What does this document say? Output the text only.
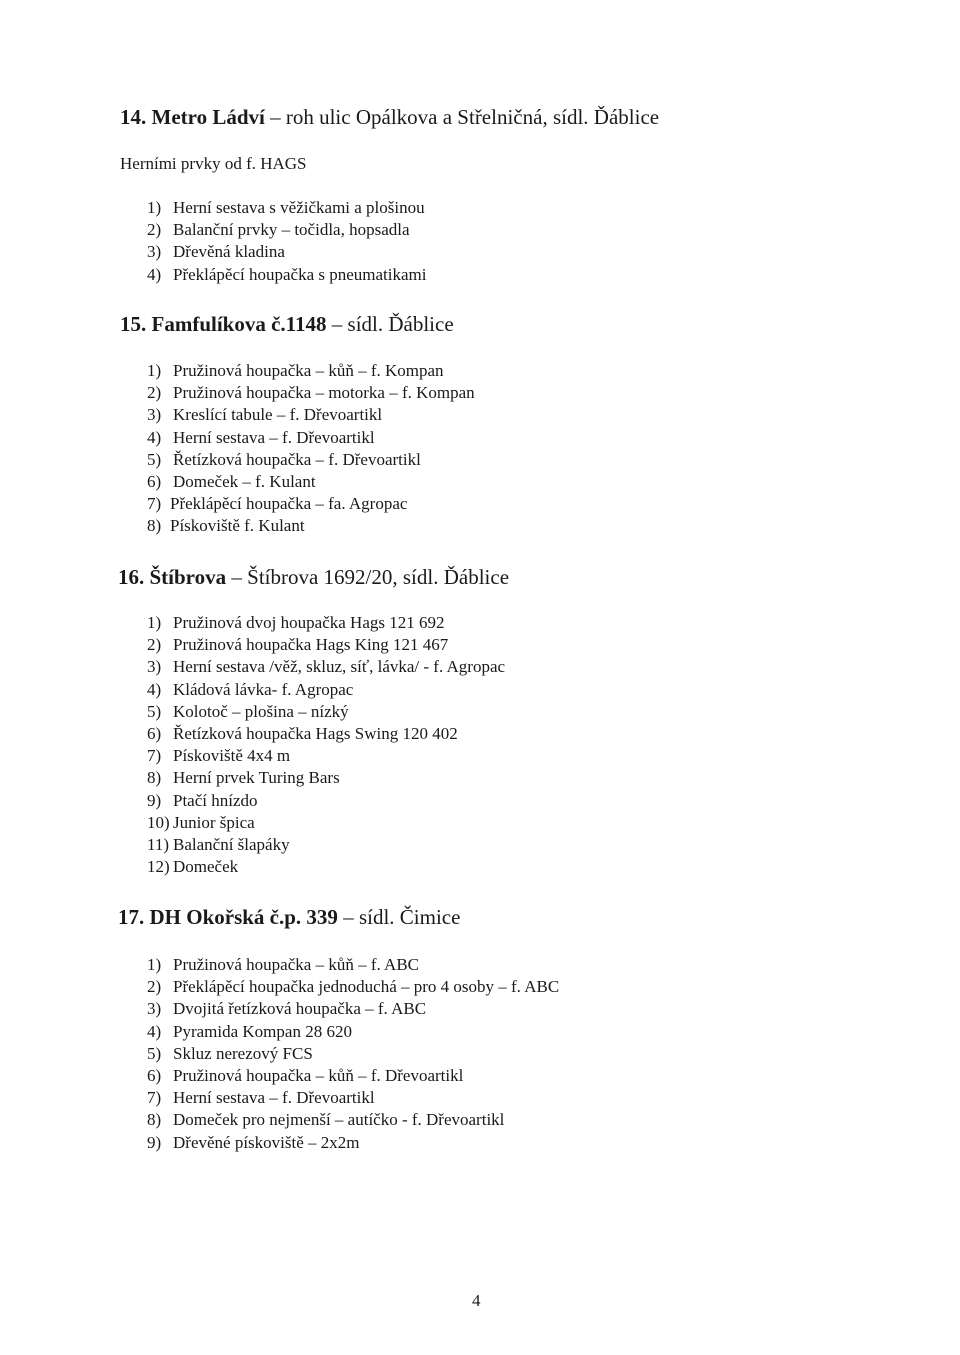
14. Metro Ládví – roh ulic Opálkova a Střelničná, sídl. Ďáblice
Herními prvky od f. HAGS
1) Herní sestava s věžičkami a plošinou
2) Balanční prvky – točidla, hopsadla
3) Dřevěná kladina
4) Překlápěcí houpačka s pneumatikami
15. Famfulíkova č.1148 – sídl. Ďáblice
1) Pružinová houpačka – kůň – f. Kompan
2) Pružinová houpačka – motorka – f. Kompan
3) Kreslící tabule – f. Dřevoartikl
4) Herní sestava – f. Dřevoartikl
5) Řetízková houpačka – f. Dřevoartikl
6) Domeček – f. Kulant
7) Překlápěcí houpačka – fa. Agropac
8) Pískoviště f. Kulant
16. Štíbrova – Štíbrova 1692/20, sídl. Ďáblice
1) Pružinová dvoj houpačka Hags 121 692
2) Pružinová houpačka Hags King 121 467
3) Herní sestava /věž, skluz, síť, lávka/ - f. Agropac
4) Kládová lávka- f. Agropac
5) Kolotoč – plošina – nízký
6)Řetízková houpačka Hags Swing 120 402
7)Pískoviště 4x4 m
8) Herní prvek Turing Bars
9) Ptačí hnízdo
10) Junior špica
11) Balanční šlapáky
12) Domeček
17. DH Okořská č.p. 339 – sídl. Čimice
1) Pružinová houpačka – kůň – f. ABC
2) Překlápěcí houpačka jednoduchá – pro 4 osoby – f. ABC
3) Dvojitá řetízková houpačka – f. ABC
4) Pyramida Kompan 28 620
5) Skluz nerezový FCS
6) Pružinová houpačka – kůň – f. Dřevoartikl
7) Herní sestava – f. Dřevoartikl
8) Domeček pro nejmenší – autíčko - f. Dřevoartikl
9) Dřevěné pískoviště – 2x2m
4
